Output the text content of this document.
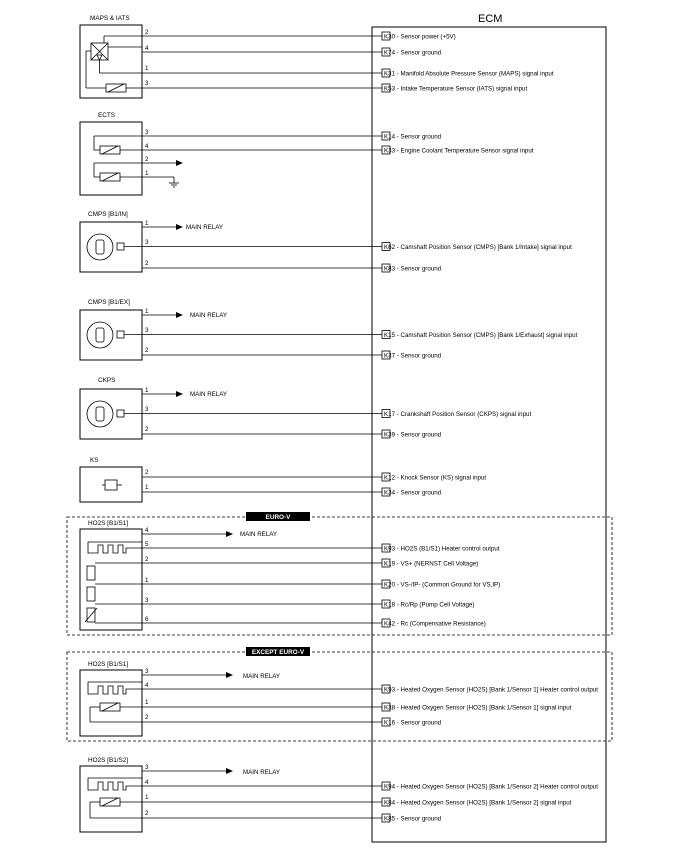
ECM
EURO-V
EXCEPT EURO-V
MAPS & IATS
2
4
1
3
K30 - Sensor power (+5V)
K74 - Sensor ground
K31 - Manifold Absolute Pressure Sensor (MAPS) signal input
K53 - Intake Temperature Sensor (IATS) signal input
ECTS
3
4
2
1
K14 - Sensor ground
K33 - Engine Coolant Temperature Sensor signal input
CMPS [B1/IN]
MAIN RELAY
1
3
2
K62 - Camshaft Position Sensor (CMPS) [Bank 1/Intake] signal input
K83 - Sensor ground
CMPS [B1/EX]
MAIN RELAY
1
3
2
K15 - Camshaft Position Sensor (CMPS) [Bank 1/Exhaust] signal input
K37 - Sensor ground
CKPS
MAIN RELAY
1
3
2
K17 - Crankshaft Position Sensor (CKPS) signal input
K39 - Sensor ground
KS
2
1
K12 - Knock Sensor (KS) signal input
K34 - Sensor ground
HO2S [B1/S1]
MAIN RELAY
4
5
2
1
3
6
K93 - HO2S (B1/S1) Heater control output
K19 - VS+ (NERNST Cell Voltage)
K20 - VS-/IP- (Common Ground for VS,IP)
K18 - Rc/Rp (Pump Cell Voltage)
K42 - Rc (Compensative Resistance)
HO2S [B1/S1]
MAIN RELAY
3
4
1
2
K93 - Heated Oxygen Sensor (HO2S) [Bank 1/Sensor 1] Heater control output
K38 - Heated Oxygen Sensor (HO2S) [Bank 1/Sensor 1] signal input
K16 - Sensor ground
HO2S [B1/S2]
MAIN RELAY
3
4
1
2
K94 - Heated Oxygen Sensor (HO2S) [Bank 1/Sensor 2] Heater control output
K84 - Heated Oxygen Sensor (HO2S) [Bank 1/Sensor 2] signal input
K85 - Sensor ground
